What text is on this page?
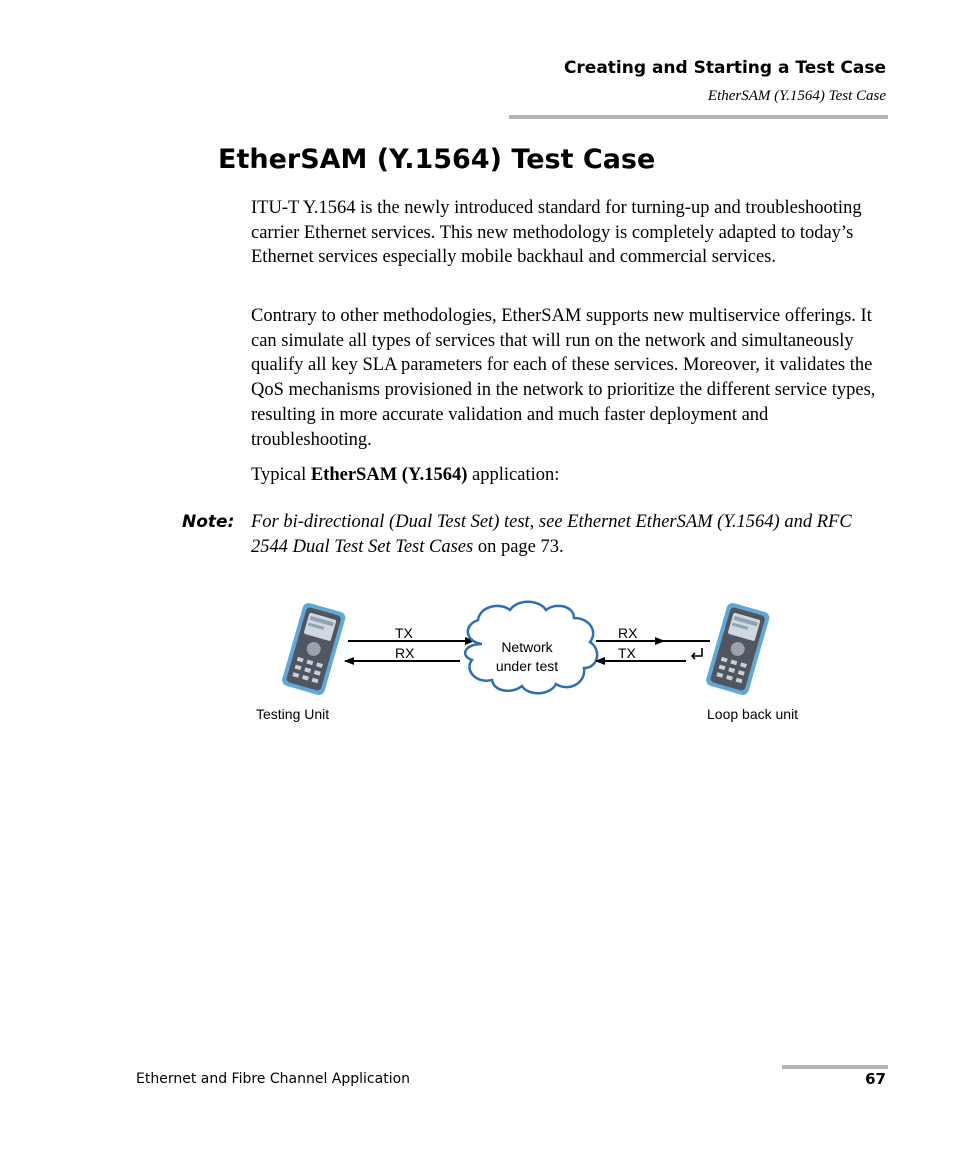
Creating and Starting a Test Case
EtherSAM (Y.1564) Test Case
EtherSAM (Y.1564) Test Case

ITU-T Y.1564 is the newly introduced standard for turning-up and troubleshooting carrier Ethernet services. This new methodology is completely adapted to today’s Ethernet services especially mobile backhaul and commercial services.

Contrary to other methodologies, EtherSAM supports new multiservice offerings. It can simulate all types of services that will run on the network and simultaneously qualify all key SLA parameters for each of these services. Moreover, it validates the QoS mechanisms provisioned in the network to prioritize the different service types, resulting in more accurate validation and much faster deployment and troubleshooting.

Typical EtherSAM (Y.1564) application:

Note: For bi-directional (Dual Test Set) test, see Ethernet EtherSAM (Y.1564) and RFC 2544 Dual Test Set Test Cases on page 73.

TX
RX	Network
under test
RX
TX
Testing Unit	Loop back unit
Ethernet and Fibre Channel Application	67
